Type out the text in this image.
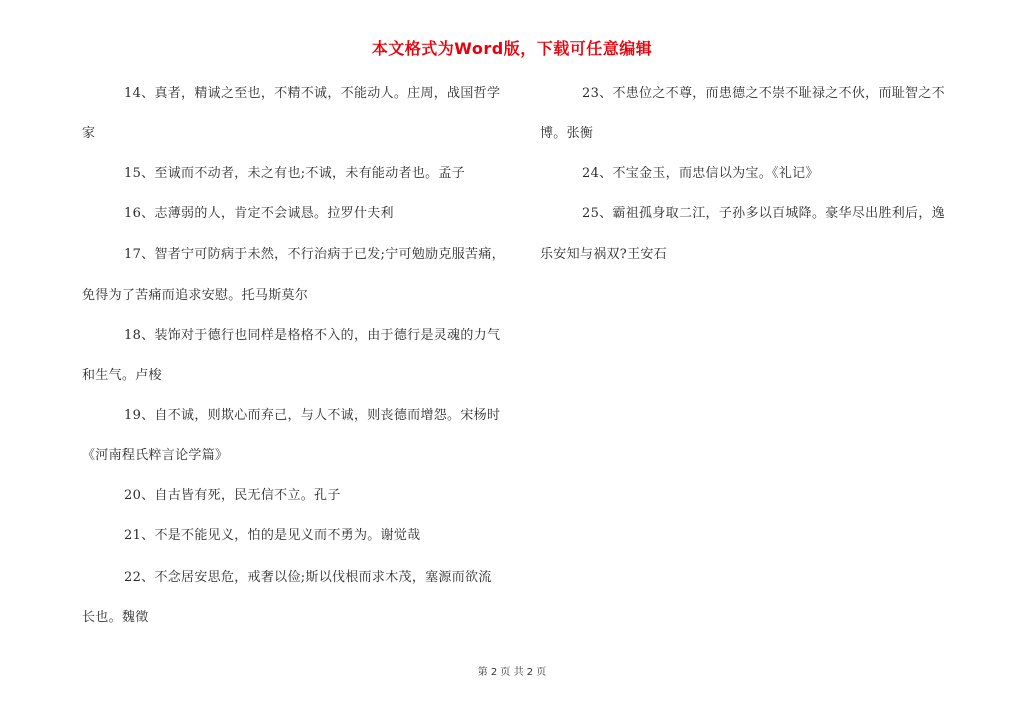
本文格式为Word版，下载可任意编辑
14、真者，精诚之至也，不精不诚，不能动人。庄周，战国哲学
家
15、至诚而不动者，未之有也;不诚，未有能动者也。孟子
16、志薄弱的人，肯定不会诚恳。拉罗什夫利
17、智者宁可防病于未然，不行治病于已发;宁可勉励克服苦痛，
免得为了苦痛而追求安慰。托马斯莫尔
18、装饰对于德行也同样是格格不入的，由于德行是灵魂的力气
和生气。卢梭
19、自不诚，则欺心而弃己，与人不诚，则丧德而增怨。宋杨时
《河南程氏粹言论学篇》
20、自古皆有死，民无信不立。孔子
21、不是不能见义，怕的是见义而不勇为。谢觉哉
22、不念居安思危，戒奢以俭;斯以伐根而求木茂，塞源而欲流
长也。魏徵
23、不患位之不尊，而患德之不崇不耻禄之不伙，而耻智之不
博。张衡
24、不宝金玉，而忠信以为宝。《礼记》
25、霸祖孤身取二江，子孙多以百城降。豪华尽出胜利后，逸
乐安知与祸双?王安石
第 2 页 共 2 页
